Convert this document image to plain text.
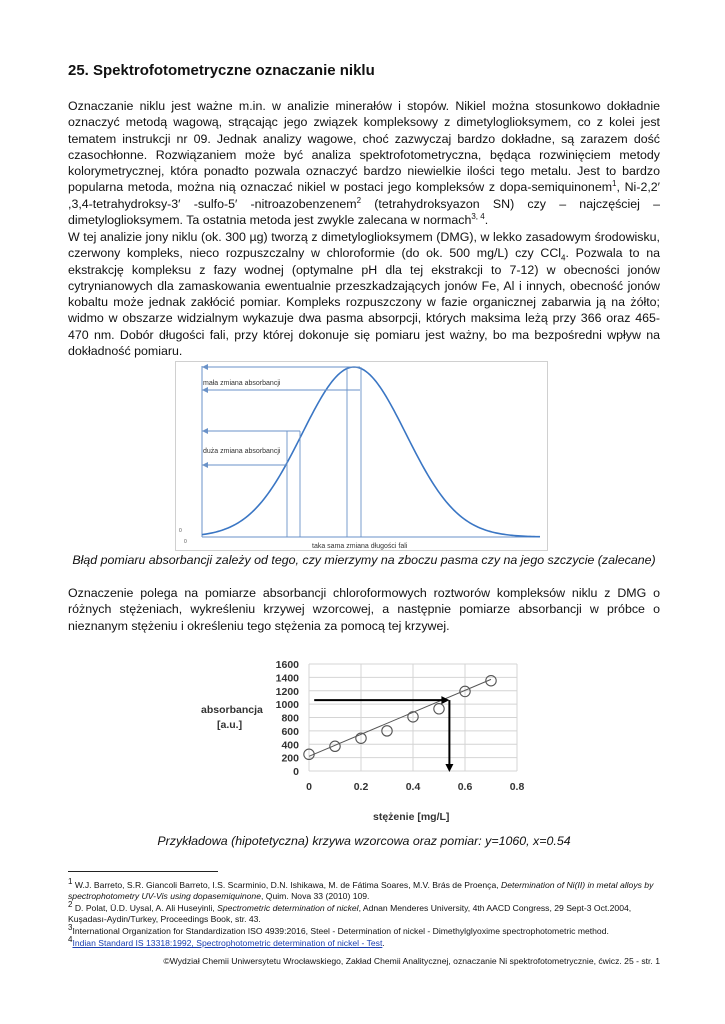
25. Spektrofotometryczne oznaczanie niklu

Oznaczanie niklu jest ważne m.in. w analizie minerałów i stopów. Nikiel można stosunkowo dokładnie oznaczyć metodą wagową, strącając jego związek kompleksowy z dimetyloglioksymem, co z kolei jest tematem instrukcji nr 09. Jednak analizy wagowe, choć zazwyczaj bardzo dokładne, są zarazem dość czasochłonne. Rozwiązaniem może być analiza spektrofotometryczna, będąca rozwinięciem metody kolorymetrycznej, która ponadto pozwala oznaczyć bardzo niewielkie ilości tego metalu. Jest to bardzo popularna metoda, można nią oznaczać nikiel w postaci jego kompleksów z dopa-semiquinonem$^1$, Ni-2,2′ ,3,4-tetrahydroksy-3′ -sulfo-5′ -nitroazobenzenem$^2$ (tetrahydroksyazon SN) czy – najczęściej – dimetyloglioksymem. Ta ostatnia metoda jest zwykle zalecana w normach$^{3, 4}$.

W tej analizie jony niklu (ok. 300 µg) tworzą z dimetyloglioksymem (DMG), w lekko zasadowym środowisku, czerwony kompleks, nieco rozpuszczalny w chloroformie (do ok. 500 mg/L) czy CCl$_4$. Pozwala to na ekstrakcję kompleksu z fazy wodnej (optymalne pH dla tej ekstrakcji to 7-12) w obecności jonów cytrynianowych dla zamaskowania ewentualnie przeszkadzających jonów Fe, Al i innych, obecność jonów kobaltu może jednak zakłócić pomiar. Kompleks rozpuszczony w fazie organicznej zabarwia ją na żółto; widmo w obszarze widzialnym wykazuje dwa pasma absorpcji, których maksima leżą przy 366 oraz 465-470 nm. Dobór długości fali, przy której dokonuje się pomiaru jest ważny, bo ma bezpośredni wpływ na dokładność pomiaru.

mała zmiana absorbancji
duża zmiana absorbancji
0
0
taka sama zmiana długości fali

Błąd pomiaru absorbancji zależy od tego, czy mierzymy na zboczu pasma czy na jego szczycie (zalecane)

Oznaczenie polega na pomiarze absorbancji chloroformowych roztworów kompleksów niklu z DMG o różnych stężeniach, wykreśleniu krzywej wzorcowej, a następnie pomiarze absorbancji w próbce o nieznanym stężeniu i określeniu tego stężenia za pomocą tej krzywej.

0
200
400
600
800
1000
1200
1400
1600
0	0.2	0.4	0.6	0.8
absorbancja
[a.u.]
stężenie [mg/L]

Przykładowa (hipotetyczna) krzywa wzorcowa oraz pomiar: y=1060, x=0.54

$^1$ W.J. Barreto, S.R. Giancoli Barreto, I.S. Scarminio, D.N. Ishikawa, M. de Fátima Soares, M.V. Brás de Proença, Determination of Ni(II) in metal alloys by spectrophotometry UV-Vis using dopasemiquinone, Quim. Nova 33 (2010) 109.

$^2$ D. Polat, Ü.D. Uysal, A. Ali Huseyinli, Spectrometric determination of nickel, Adnan Menderes University, 4th AACD Congress, 29 Sept-3 Oct.2004, Kuşadası-Aydin/Turkey, Proceedings Book, str. 43.

$^3$International Organization for Standardization ISO 4939:2016, Steel - Determination of nickel - Dimethylglyoxime spectrophotometric method.

$^4$Indian Standard IS 13318:1992, Spectrophotometric determination of nickel - Test.

©Wydział Chemii Uniwersytetu Wrocławskiego, Zakład Chemii Analitycznej, oznaczanie Ni spektrofotometrycznie, ćwicz. 25 - str. 1
